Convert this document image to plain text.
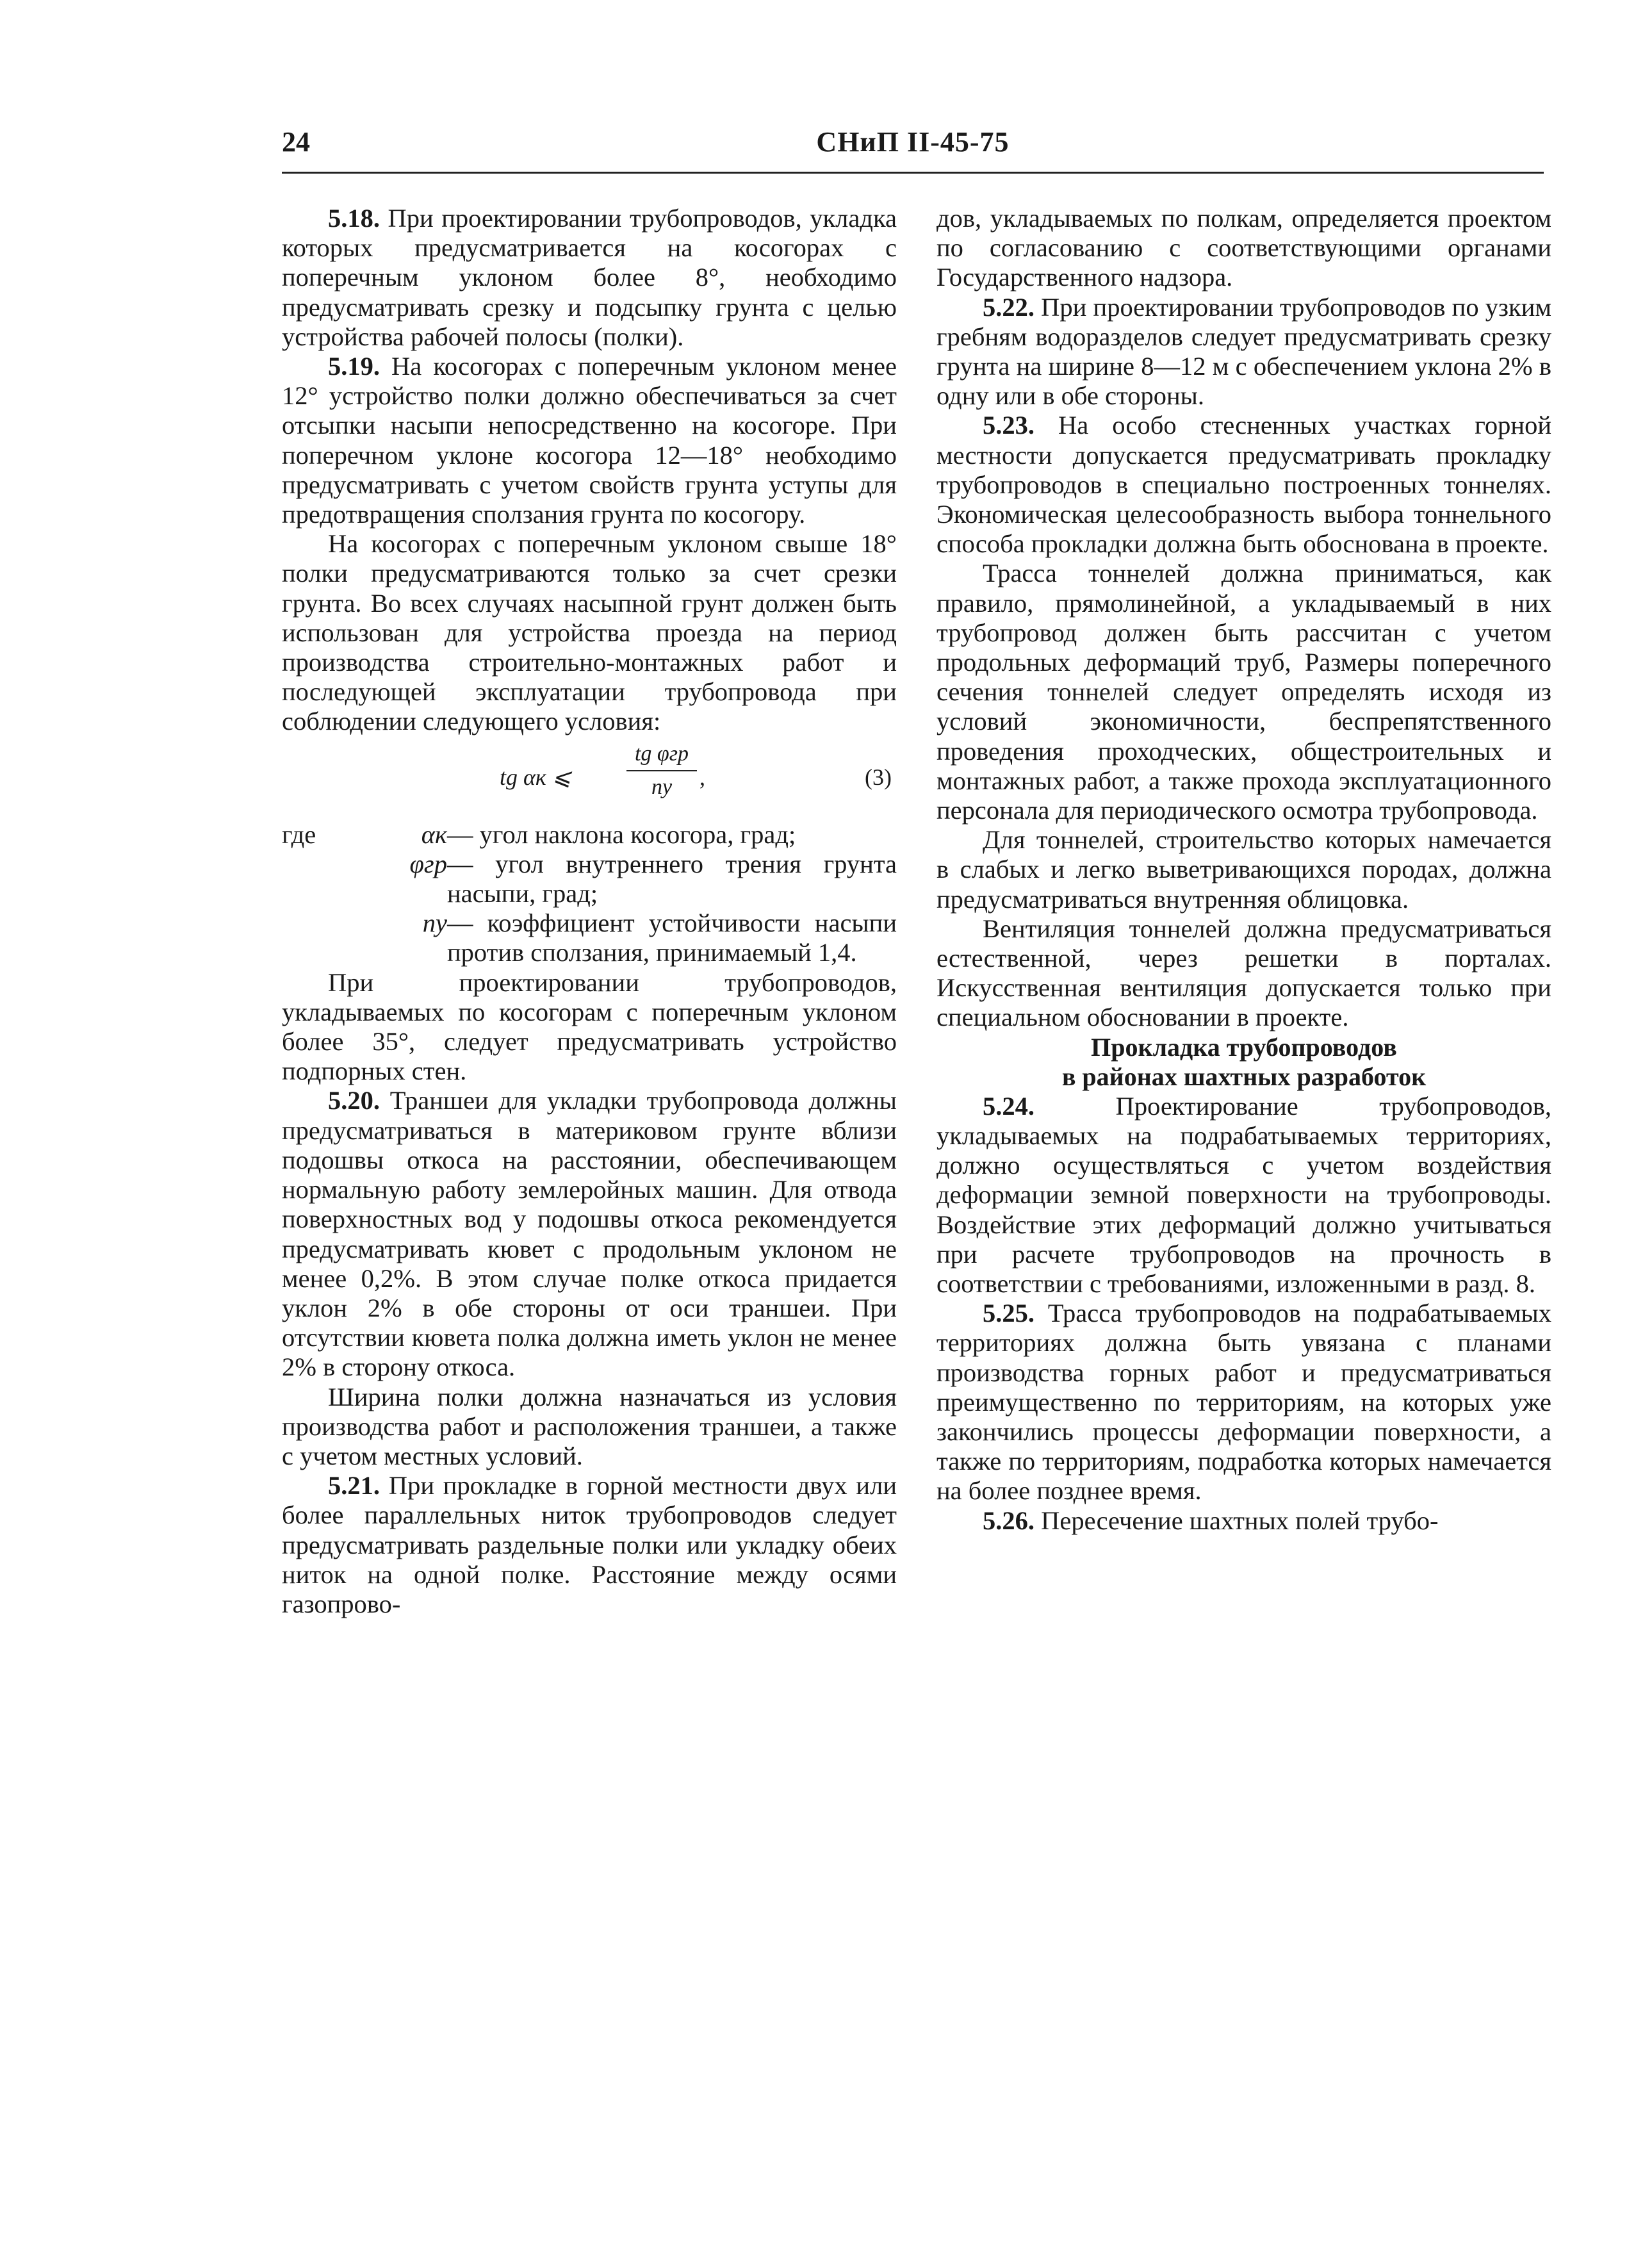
24	СНиП II-45-75

5.18. При проектировании трубопроводов, укладка которых предусматривается на косогорах с поперечным уклоном более 8°, необходимо предусматривать срезку и подсыпку грунта с целью устройства рабочей полосы (полки).

5.19. На косогорах с поперечным уклоном менее 12° устройство полки должно обеспечиваться за счет отсыпки насыпи непосредственно на косогоре. При поперечном уклоне косогора 12—18° необходимо предусматривать с учетом свойств грунта уступы для предотвращения сползания грунта по косогору.

На косогорах с поперечным уклоном свыше 18° полки предусматриваются только за счет срезки грунта. Во всех случаях насыпной грунт должен быть использован для устройства проезда на период производства строительно-монтажных работ и последующей эксплуатации трубопровода при соблюдении следующего условия:

tg αк ⩽
tg φгр
nу	,	(3)

где	αк — угол наклона косогора, град;

φгр — угол внутреннего трения грунта насыпи, град;

nу — коэффициент устойчивости насыпи против сползания, принимаемый 1,4.

При проектировании трубопроводов, укладываемых по косогорам с поперечным уклоном более 35°, следует предусматривать устройство подпорных стен.

5.20. Траншеи для укладки трубопровода должны предусматриваться в материковом грунте вблизи подошвы откоса на расстоянии, обеспечивающем нормальную работу землеройных машин. Для отвода поверхностных вод у подошвы откоса рекомендуется предусматривать кювет с продольным уклоном не менее 0,2%. В этом случае полке откоса придается уклон 2% в обе стороны от оси траншеи. При отсутствии кювета полка должна иметь уклон не менее 2% в сторону откоса.

Ширина полки должна назначаться из условия производства работ и расположения траншеи, а также с учетом местных условий.

5.21. При прокладке в горной местности двух или более параллельных ниток трубопроводов следует предусматривать раздельные полки или укладку обеих ниток на одной полке. Расстояние между осями газопрово-

дов, укладываемых по полкам, определяется проектом по согласованию с соответствующими органами Государственного надзора.

5.22. При проектировании трубопроводов по узким гребням водоразделов следует предусматривать срезку грунта на ширине 8—12 м с обеспечением уклона 2% в одну или в обе стороны.

5.23. На особо стесненных участках горной местности допускается предусматривать прокладку трубопроводов в специально построенных тоннелях. Экономическая целесообразность выбора тоннельного способа прокладки должна быть обоснована в проекте.

Трасса тоннелей должна приниматься, как правило, прямолинейной, а укладываемый в них трубопровод должен быть рассчитан с учетом продольных деформаций труб, Размеры поперечного сечения тоннелей следует определять исходя из условий экономичности, беспрепятственного проведения проходческих, общестроительных и монтажных работ, а также прохода эксплуатационного персонала для периодического осмотра трубопровода.

Для тоннелей, строительство которых намечается в слабых и легко выветривающихся породах, должна предусматриваться внутренняя облицовка.

Вентиляция тоннелей должна предусматриваться естественной, через решетки в порталах. Искусственная вентиляция допускается только при специальном обосновании в проекте.

Прокладка трубопроводов
в районах шахтных разработок

5.24. Проектирование трубопроводов, укладываемых на подрабатываемых территориях, должно осуществляться с учетом воздействия деформации земной поверхности на трубопроводы. Воздействие этих деформаций должно учитываться при расчете трубопроводов на прочность в соответствии с требованиями, изложенными в разд. 8.

5.25. Трасса трубопроводов на подрабатываемых территориях должна быть увязана с планами производства горных работ и предусматриваться преимущественно по территориям, на которых уже закончились процессы деформации поверхности, а также по территориям, подработка которых намечается на более позднее время.

5.26. Пересечение шахтных полей трубо-
